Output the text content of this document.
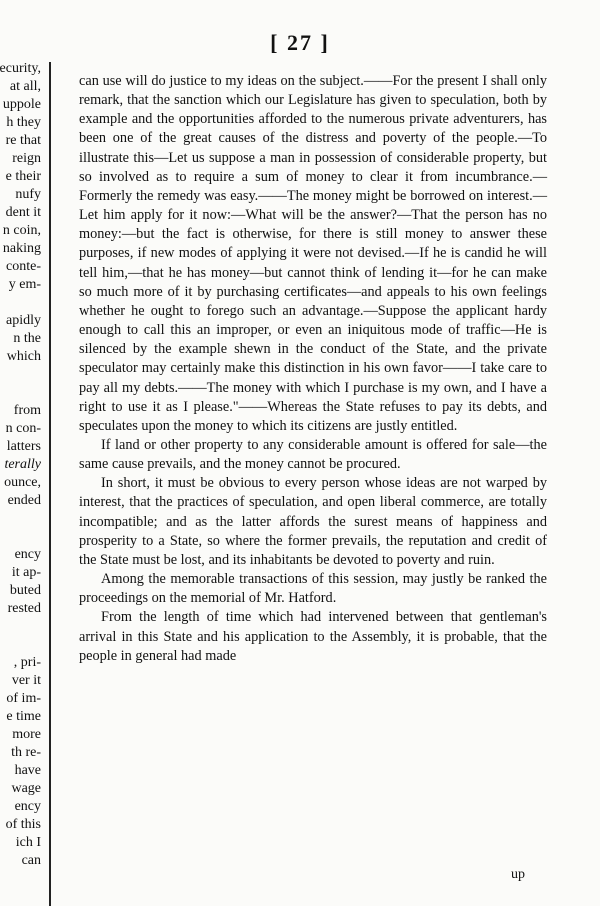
[ 27 ]
ecurity,
at all,
uppole
h they
re that
reign
e their
nufy
dent it
n coin,
naking
conte-
y em-
apidly
n the
which
from
n con-
latters
terally
ounce,
ended
ency
it ap-
buted
rested
, pri-
ver it
of im-
e time
more
th re-
have
wage
ency
of this
ich I
can

can use will do justice to my ideas on the subject.——For the present I shall only remark, that the sanction which our Legislature has given to speculation, both by example and the opportunities afforded to the numerous private adventurers, has been one of the great causes of the distress and poverty of the people.—To illustrate this—Let us suppose a man in possession of considerable property, but so involved as to require a sum of money to clear it from incumbrance.—Formerly the remedy was easy.——The money might be borrowed on interest.—Let him apply for it now:—What will be the answer?—That the person has no money:—but the fact is otherwise, for there is still money to answer these purposes, if new modes of applying it were not devised.—If he is candid he will tell him,—that he has money—but cannot think of lending it—for he can make so much more of it by purchasing certificates—and appeals to his own feelings whether he ought to forego such an advantage.—Suppose the applicant hardy enough to call this an improper, or even an iniquitous mode of traffic—He is silenced by the example shewn in the conduct of the State, and the private speculator may certainly make this distinction in his own favor——I take care to pay all my debts.——The money with which I purchase is my own, and I have a right to use it as I please."——Whereas the State refuses to pay its debts, and speculates upon the money to which its citizens are justly entitled.

If land or other property to any considerable amount is offered for sale—the same cause prevails, and the money cannot be procured.

In short, it must be obvious to every person whose ideas are not warped by interest, that the practices of speculation, and open liberal commerce, are totally incompatible; and as the latter affords the surest means of happiness and prosperity to a State, so where the former prevails, the reputation and credit of the State must be lost, and its inhabitants be devoted to poverty and ruin.

Among the memorable transactions of this session, may justly be ranked the proceedings on the memorial of Mr. Hatford.

From the length of time which had intervened between that gentleman's arrival in this State and his application to the Assembly, it is probable, that the people in general had made

up
